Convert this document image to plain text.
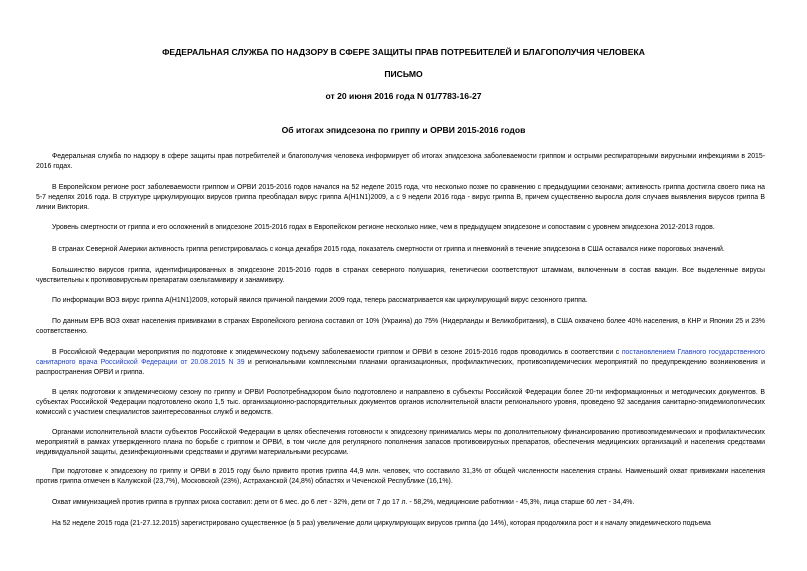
ФЕДЕРАЛЬНАЯ СЛУЖБА ПО НАДЗОРУ В СФЕРЕ ЗАЩИТЫ ПРАВ ПОТРЕБИТЕЛЕЙ И БЛАГОПОЛУЧИЯ ЧЕЛОВЕКА
ПИСЬМО
от 20 июня 2016 года N 01/7783-16-27
Об итогах эпидсезона по гриппу и ОРВИ 2015-2016 годов

Федеральная служба по надзору в сфере защиты прав потребителей и благополучия человека информирует об итогах эпидсезона заболеваемости гриппом и острыми респираторными вирусными инфекциями в 2015-2016 годах.

В Европейском регионе рост заболеваемости гриппом и ОРВИ 2015-2016 годов начался на 52 неделе 2015 года, что несколько позже по сравнению с предыдущими сезонами; активность гриппа достигла своего пика на 5-7 неделях 2016 года. В структуре циркулирующих вирусов гриппа преобладал вирус гриппа А(H1N1)2009, а с 9 недели 2016 года - вирус гриппа В, причем существенно выросла доля случаев выявления вирусов гриппа В линии Виктория.

Уровень смертности от гриппа и его осложнений в эпидсезоне 2015-2016 годах в Европейском регионе несколько ниже, чем в предыдущем эпидсезоне и сопоставим с уровнем эпидсезона 2012-2013 годов.

В странах Северной Америки активность гриппа регистрировалась с конца декабря 2015 года, показатель смертности от гриппа и пневмоний в течение эпидсезона в США оставался ниже пороговых значений.

Большинство вирусов гриппа, идентифицированных в эпидсезоне 2015-2016 годов в странах северного полушария, генетически соответствуют штаммам, включенным в состав вакцин. Все выделенные вирусы чувствительны к противовирусным препаратам озельтамивиру и занамивиру.

По информации ВОЗ вирус гриппа А(H1N1)2009, который явился причиной пандемии 2009 года, теперь рассматривается как циркулирующий вирус сезонного гриппа.

По данным ЕРБ ВОЗ охват населения прививками в странах Европейского региона составил от 10% (Украина) до 75% (Нидерланды и Великобритания), в США охвачено более 40% населения, в КНР и Японии 25 и 23% соответственно.

В Российской Федерации мероприятия по подготовке к эпидемическому подъему заболеваемости гриппом и ОРВИ в сезоне 2015-2016 годов проводились в соответствии с постановлением Главного государственного санитарного врача Российской Федерации от 20.08.2015 N 39 и региональными комплексными планами организационных, профилактических, противоэпидемических мероприятий по предупреждению возникновения и распространения ОРВИ и гриппа.

В целях подготовки к эпидемическому сезону по гриппу и ОРВИ Роспотребнадзором было подготовлено и направлено в субъекты Российской Федерации более 20-ти информационных и методических документов. В субъектах Российской Федерации подготовлено около 1,5 тыс. организационно-распорядительных документов органов исполнительной власти регионального уровня, проведено 92 заседания санитарно-эпидемиологических комиссий с участием специалистов заинтересованных служб и ведомств.

Органами исполнительной власти субъектов Российской Федерации в целях обеспечения готовности к эпидсезону принимались меры по дополнительному финансированию противоэпидемических и профилактических мероприятий в рамках утвержденного плана по борьбе с гриппом и ОРВИ, в том числе для регулярного пополнения запасов противовирусных препаратов, обеспечения медицинских организаций и населения средствами индивидуальной защиты, дезинфекционными средствами и другими материальными ресурсами.

При подготовке к эпидсезону по гриппу и ОРВИ в 2015 году было привито против гриппа 44,9 млн. человек, что составило 31,3% от общей численности населения страны. Наименьший охват прививками населения против гриппа отмечен в Калужской (23,7%), Московской (23%), Астраханской (24,8%) областях и Чеченской Республике (16,1%).

Охват иммунизацией против гриппа в группах риска составил: дети от 6 мес. до 6 лет - 32%, дети от 7 до 17 л. - 58,2%, медицинские работники - 45,3%, лица старше 60 лет - 34,4%.

На 52 неделе 2015 года (21-27.12.2015) зарегистрировано существенное (в 5 раз) увеличение доли циркулирующих вирусов гриппа (до 14%), которая продолжила рост и к началу эпидемического подъема
